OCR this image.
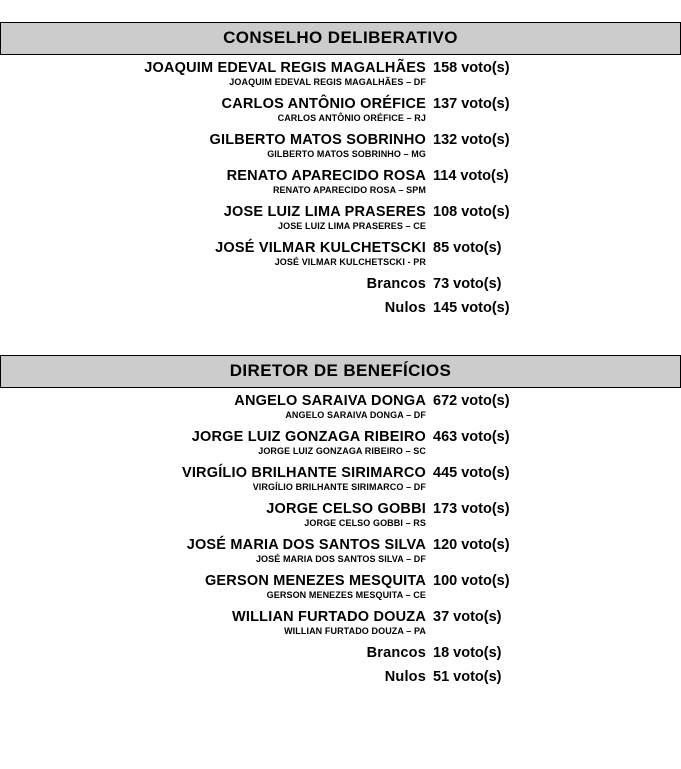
CONSELHO DELIBERATIVO
JOAQUIM EDEVAL REGIS MAGALHÃES
JOAQUIM EDEVAL REGIS MAGALHÃES – DF
158 voto(s)
CARLOS ANTÔNIO ORÉFICE
CARLOS ANTÔNIO ORÉFICE – RJ
137 voto(s)
GILBERTO MATOS SOBRINHO
GILBERTO MATOS SOBRINHO – MG
132 voto(s)
RENATO APARECIDO ROSA
RENATO APARECIDO ROSA – SPM
114 voto(s)
JOSE LUIZ LIMA PRASERES
JOSE LUIZ LIMA PRASERES – CE
108 voto(s)
JOSÉ VILMAR KULCHETSCKI
JOSÉ VILMAR KULCHETSCKI - PR
85 voto(s)
Brancos 73 voto(s)
Nulos 145 voto(s)
DIRETOR DE BENEFÍCIOS
ANGELO SARAIVA DONGA
ANGELO SARAIVA DONGA – DF
672 voto(s)
JORGE LUIZ GONZAGA RIBEIRO
JORGE LUIZ GONZAGA RIBEIRO – SC
463 voto(s)
VIRGÍLIO BRILHANTE SIRIMARCO
VIRGÍLIO BRILHANTE SIRIMARCO – DF
445 voto(s)
JORGE CELSO GOBBI
JORGE CELSO GOBBI – RS
173 voto(s)
JOSÉ MARIA DOS SANTOS SILVA
JOSÉ MARIA DOS SANTOS SILVA – DF
120 voto(s)
GERSON MENEZES MESQUITA
GERSON MENEZES MESQUITA – CE
100 voto(s)
WILLIAN FURTADO DOUZA
WILLIAN FURTADO DOUZA – PA
37 voto(s)
Brancos 18 voto(s)
Nulos 51 voto(s)
